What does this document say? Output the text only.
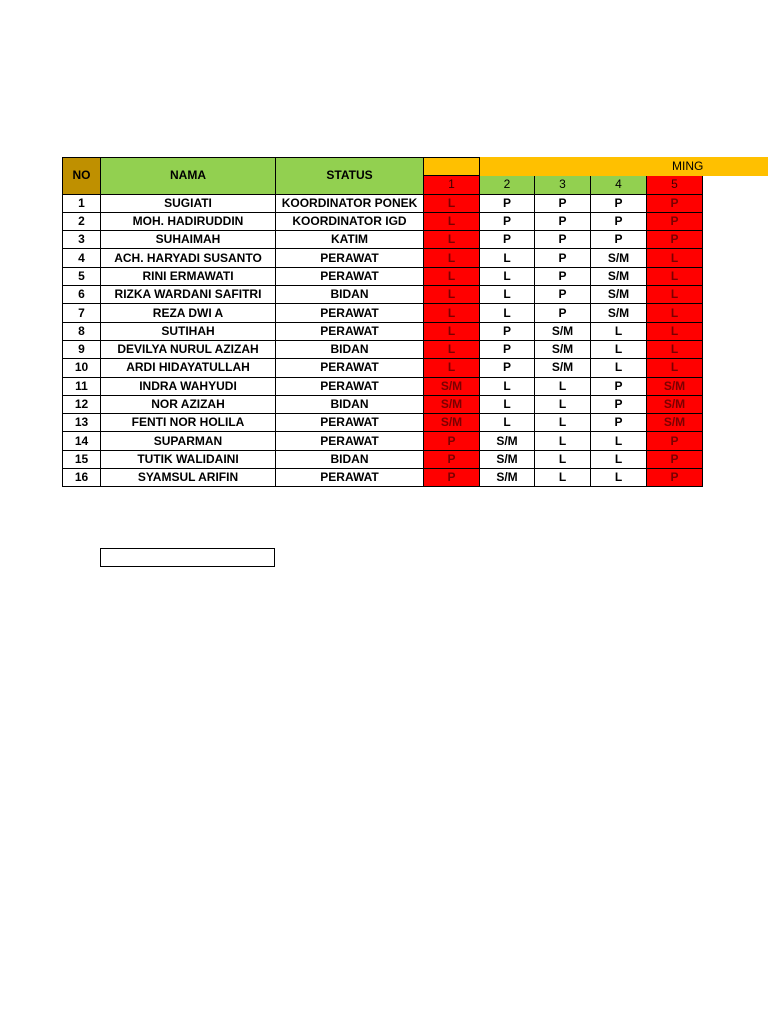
NO	NAMA	STATUS					
			1	2	3	4	5
1	SUGIATI	KOORDINATOR PONEK	L	P	P	P	P
2	MOH. HADIRUDDIN	KOORDINATOR IGD	L	P	P	P	P
3	SUHAIMAH	KATIM	L	P	P	P	P
4	ACH. HARYADI SUSANTO	PERAWAT	L	L	P	S/M	L
5	RINI ERMAWATI	PERAWAT	L	L	P	S/M	L
6	RIZKA WARDANI SAFITRI	BIDAN	L	L	P	S/M	L
7	REZA DWI A	PERAWAT	L	L	P	S/M	L
8	SUTIHAH	PERAWAT	L	P	S/M	L	L
9	DEVILYA NURUL AZIZAH	BIDAN	L	P	S/M	L	L
10	ARDI HIDAYATULLAH	PERAWAT	L	P	S/M	L	L
11	INDRA WAHYUDI	PERAWAT	S/M	L	L	P	S/M
12	NOR AZIZAH	BIDAN	S/M	L	L	P	S/M
13	FENTI NOR HOLILA	PERAWAT	S/M	L	L	P	S/M
14	SUPARMAN	PERAWAT	P	S/M	L	L	P
15	TUTIK WALIDAINI	BIDAN	P	S/M	L	L	P
16	SYAMSUL ARIFIN	PERAWAT	P	S/M	L	L	P
MING
